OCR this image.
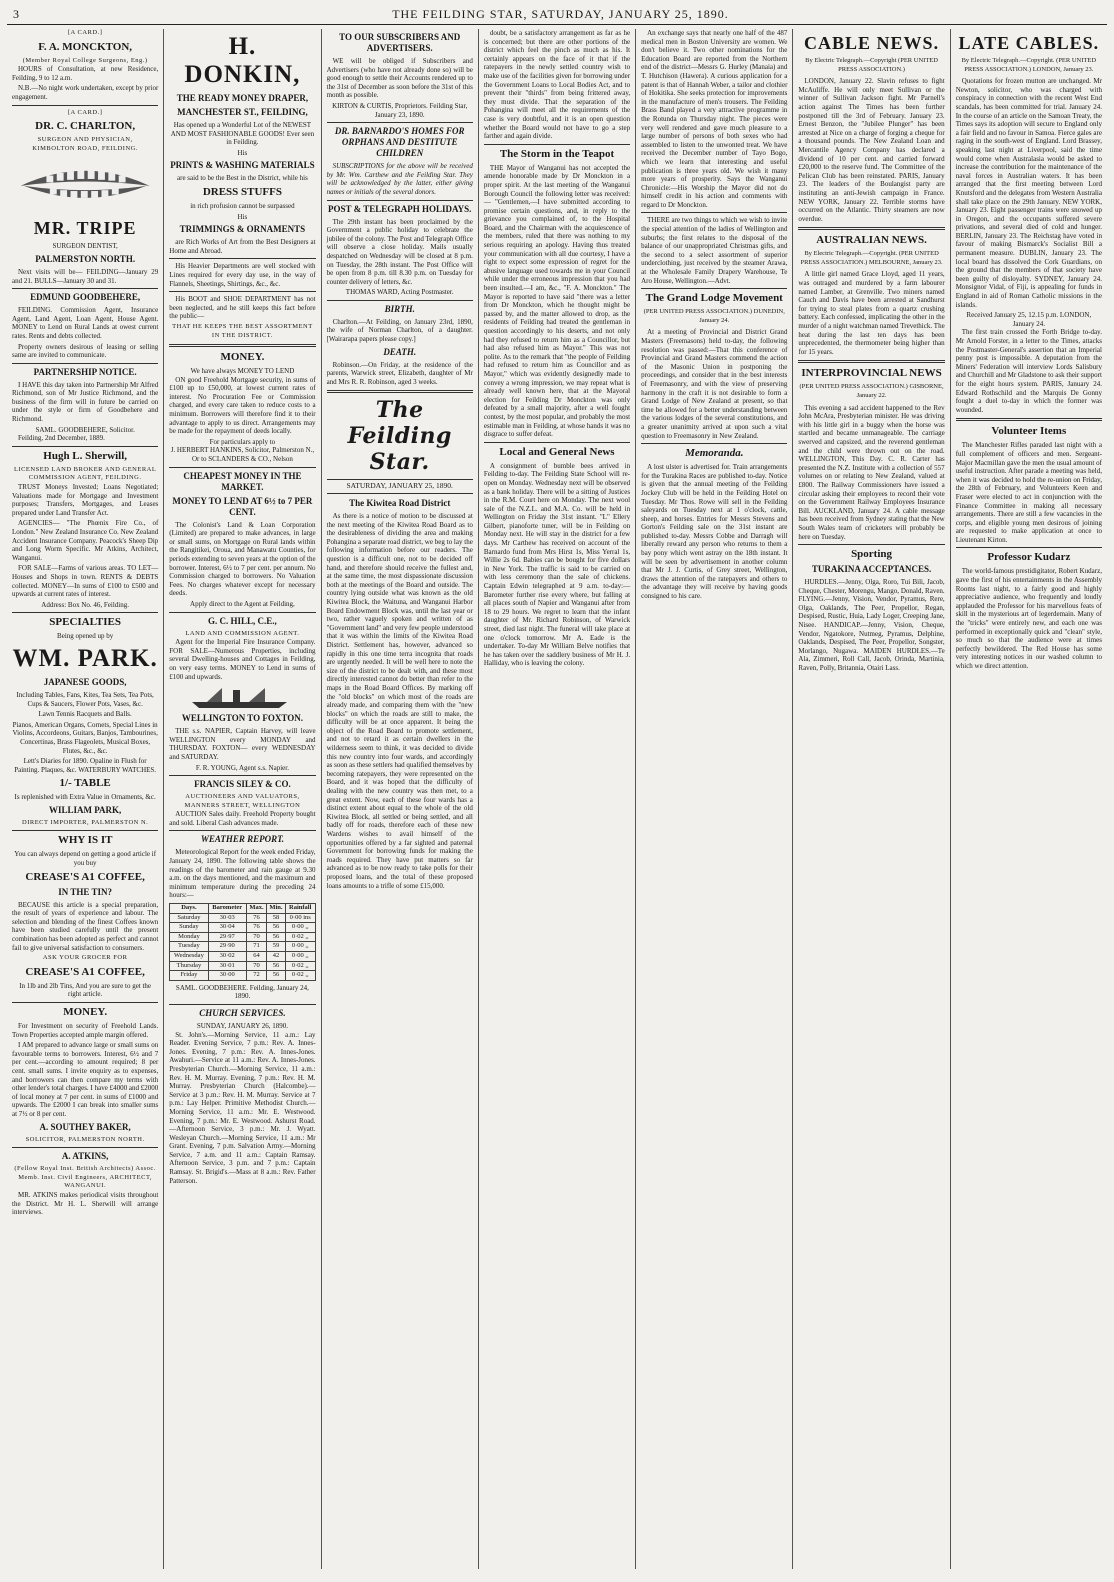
3	THE FEILDING STAR, SATURDAY, JANUARY 25, 1890.
[A CARD.]
F. A. MONCKTON,
(Member Royal College Surgeons, Eng.)

HOURS of Consultation, at new Residence, Feilding, 9 to 12 a.m.

N.B.—No night work undertaken, except by prior engagement.

[A CARD.]
DR. C. CHARLTON,
SURGEON AND PHYSICIAN,
KIMBOLTON ROAD, FEILDING.
MR. TRIPE
SURGEON DENTIST,
PALMERSTON NORTH.

Next visits will be— FEILDING—January 29 and 21. BULLS—January 30 and 31.

EDMUND GOODBEHERE,

FEILDING. Commission Agent, Insurance Agent, Land Agent, Loan Agent, House Agent. MONEY to Lend on Rural Lands at owest current rates. Rents and debts collected.

Property owners desirous of leasing or selling same are invited to communicate.

PARTNERSHIP NOTICE.

I HAVE this day taken into Partnership Mr Alfred Richmond, son of Mr Justice Richmond, and the business of the firm will in future be carried on under the style or firm of Goodbehere and Richmond.

SAML. GOODBEHERE, Solicitor.

Feilding, 2nd December, 1889.

Hugh L. Sherwill,
LICENSED LAND BROKER AND GENERAL COMMISSION AGENT, FEILDING.

TRUST Moneys Invested; Loans Negotiated; Valuations made for Mortgage and Investment purposes; Transfers, Mortgages, and Leases prepared under Land Transfer Act.

AGENCIES— "The Phœnix Fire Co., of London." New Zealand Insurance Co. New Zealand Accident Insurance Company. Peacock's Sheep Dip and Long Worm Specific. Mr Atkins, Architect, Wanganui.

FOR SALE—Farms of various areas. TO LET—Houses and Shops in town. RENTS & DEBTS collected. MONEY—In sums of £100 to £500 and upwards at current rates of interest.

Address: Box No. 46, Feilding.
SPECIALTIES
Being opened up by
WM. PARK.
JAPANESE GOODS,

Including Tables, Fans, Kites, Tea Sets, Tea Pots, Cups & Saucers, Flower Pots, Vases, &c.

Lawn Tennis Racquets and Balls.

Pianos, American Organs, Cornets, Special Lines in Violins, Accordeons, Guitars, Banjos, Tambourines, Concertinas, Brass Flageolets, Musical Boxes, Flutes, &c., &c.

Lett's Diaries for 1890. Opaline in Flush for Painting. Plaques, &c. WATERBURY WATCHES.

1/- TABLE

Is replenished with Extra Value in Ornaments, &c.

WILLIAM PARK,
DIRECT IMPORTER, PALMERSTON N.
WHY IS IT

You can always depend on getting a good article if you buy

CREASE'S A1 COFFEE,
IN THE TIN?

BECAUSE this article is a special preparation, the result of years of experience and labour. The selection and blending of the finest Coffees known have been studied carefully until the present combination has been adopted as perfect and cannot fail to give universal satisfaction to consumers.

ASK YOUR GROCER FOR
CREASE'S A1 COFFEE,

In 1lb and 2lb Tins, And you are sure to get the right article.

MONEY.

For Investment on security of Freehold Lands. Town Properties accepted ample margin offered.

I AM prepared to advance large or small sums on favourable terms to borrowers. Interest, 6½ and 7 per cent.—according to amount required; 8 per cent. small sums. I invite enquiry as to expenses, and borrowers can then compare my terms with other lender's total charges. I have £4000 and £2000 of local money at 7 per cent. in sums of £1000 and upwards. The £2000 I can break into smaller sums at 7½ or 8 per cent.

A. SOUTHEY BAKER,
SOLICITOR, PALMERSTON NORTH.
A. ATKINS,
(Fellow Royal Inst. British Architects) Assoc. Memb. Inst. Civil Engineers, ARCHITECT, WANGANUI.

MR. ATKINS makes periodical visits throughout the District. Mr H. L. Sherwill will arrange interviews.

H. DONKIN,
THE READY MONEY DRAPER,
MANCHESTER ST., FEILDING,

Has opened up a Wonderful Lot of the NEWEST AND MOST FASHIONABLE GOODS! Ever seen in Feilding.

His
PRINTS & WASHING MATERIALS

are said to be the Best in the District, while his

DRESS STUFFS

in rich profusion cannot be surpassed

His
TRIMMINGS & ORNAMENTS

are Rich Works of Art from the Best Designers at Home and Abroad.

His Heavier Departments are well stocked with Lines required for every day use, in the way of Flannels, Sheetings, Shirtings, &c., &c.

His BOOT and SHOE DEPARTMENT has not been neglected, and he still keeps this fact before the public—

THAT HE KEEPS THE BEST ASSORTMENT IN THE DISTRICT.
MONEY.
We have always MONEY TO LEND

ON good Freehold Mortgage security, in sums of £100 up to £50,000, at lowest current rates of interest. No Procuration Fee or Commission charged, and every care taken to reduce costs to a minimum. Borrowers will therefore find it to their advantage to apply to us direct. Arrangements may be made for the repayment of deeds locally.

For particulars apply to

J. HERBERT HANKINS, Solicitor, Palmerston N., Or to SCLANDERS & CO., Nelson

CHEAPEST MONEY IN THE MARKET.
MONEY TO LEND AT 6½ to 7 PER CENT.

The Colonist's Land & Loan Corporation (Limited) are prepared to make advances, in large or small sums, on Mortgage on Rural lands within the Rangitikei, Oroua, and Manawatu Counties, for periods extending to seven years at the option of the borrower. Interest, 6½ to 7 per cent. per annum. No Commission charged to borrowers. No Valuation Fees. No charges whatever except for necessary deeds.

Apply direct to the Agent at Feilding,
G. C. HILL, C.E.,
LAND AND COMMISSION AGENT.

Agent for the Imperial Fire Insurance Company. FOR SALE—Numerous Properties, including several Dwelling-houses and Cottages in Feilding, on very easy terms. MONEY to Lend in sums of £100 and upwards.

WELLINGTON TO FOXTON.

THE s.s. NAPIER, Captain Harvey, will leave WELLINGTON every MONDAY and THURSDAY. FOXTON— every WEDNESDAY and SATURDAY.

F. R. YOUNG, Agent s.s. Napier.
FRANCIS SILEY & CO.
AUCTIONEERS AND VALUATORS, MANNERS STREET, WELLINGTON

AUCTION Sales daily. Freehold Property bought and sold. Liberal Cash advances made.

WEATHER REPORT.

Meteorological Report for the week ended Friday, January 24, 1890. The following table shows the readings of the barometer and rain gauge at 9.30 a.m. on the days mentioned, and the maximum and minimum temperature during the preceding 24 hours:—

Days.	Barometer	Max.	Min.	Rainfall
Saturday	30·03	76	58	0·00 ins
Sunday	30·04	76	56	0·00 ,,
Monday	29·97	70	56	0·02 ,,
Tuesday	29·90	71	59	0·00 ,,
Wednesday	30·02	64	42	0·00 ,,
Thursday	30·01	70	56	0·02 ,,
Friday	30·00	72	56	0·02 ,,
SAML. GOODBEHERE. Feilding, January 24, 1890.
CHURCH SERVICES.
SUNDAY, JANUARY 26, 1890.

St. John's.—Morning Service, 11 a.m.: Lay Reader. Evening Service, 7 p.m.: Rev. A. Innes-Jones. Evening, 7 p.m.: Rev. A. Innes-Jones. Awahuri.—Service at 11 a.m.: Rev. A. Innes-Jones. Presbyterian Church.—Morning Service, 11 a.m.: Rev. H. M. Murray. Evening, 7 p.m.: Rev. H. M. Murray. Presbyterian Church (Halcombe).—Service at 3 p.m.: Rev. H. M. Murray. Service at 7 p.m.: Lay Helper. Primitive Methodist Church.—Morning Service, 11 a.m.: Mr. E. Westwood. Evening, 7 p.m.: Mr. E. Westwood. Ashurst Road.—Afternoon Service, 3 p.m.: Mr. J. Wyatt. Wesleyan Church.—Morning Service, 11 a.m.: Mr Grant. Evening, 7 p.m. Salvation Army.—Morning Service, 7 a.m. and 11 a.m.: Captain Ramsay. Afternoon Service, 3 p.m. and 7 p.m.: Captain Ramsay. St. Brigid's.—Mass at 8 a.m.: Rev. Father Patterson.

TO OUR SUBSCRIBERS AND ADVERTISERS.

WE will be obliged if Subscribers and Advertisers (who have not already done so) will be good enough to settle their Accounts rendered up to the 31st of December as soon before the 31st of this month as possible.

KIRTON & CURTIS, Proprietors. Feilding Star, January 23, 1890.
DR. BARNARDO'S HOMES FOR ORPHANS AND DESTITUTE CHILDREN

SUBSCRIPTIONS for the above will be received by Mr. Wm. Carthew and the Feilding Star. They will be acknowledged by the latter, either giving names or initials of the several donors.

POST & TELEGRAPH HOLIDAYS.

The 29th instant has been proclaimed by the Government a public holiday to celebrate the jubilee of the colony. The Post and Telegraph Office will observe a close holiday. Mails usually despatched on Wednesday will be closed at 8 p.m. on Tuesday, the 28th instant. The Post Office will be open from 8 p.m. till 8.30 p.m. on Tuesday for counter delivery of letters, &c.

THOMAS WARD, Acting Postmaster.
BIRTH.

Charlton.—At Feilding, on January 23rd, 1890, the wife of Norman Charlton, of a daughter. [Wairarapa papers please copy.]

DEATH.

Robinson.—On Friday, at the residence of the parents, Warwick street, Elizabeth, daughter of Mr and Mrs R. R. Robinson, aged 3 weeks.

The Feilding Star.
SATURDAY, JANUARY 25, 1890.
The Kiwitea Road District

As there is a notice of motion to be discussed at the next meeting of the Kiwitea Road Board as to the desirableness of dividing the area and making Pohangina a separate road district, we beg to lay the following information before our readers. The question is a difficult one, not to be decided off hand, and therefore should receive the fullest and, at the same time, the most dispassionate discussion both at the meetings of the Board and outside. The country lying outside what was known as the old Kiwitea Block, the Waituna, and Wanganui Harbor Board Endowment Block was, until the last year or two, rather vaguely spoken and written of as "Government land" and very few people understood that it was within the limits of the Kiwitea Road District. Settlement has, however, advanced so rapidly in this one time terra incognita that roads are urgently needed. It will be well here to note the size of the district to be dealt with, and these most directly interested cannot do better than refer to the maps in the Road Board Offices. By marking off the "old blocks" on which most of the roads are already made, and comparing them with the "new blocks" on which the roads are still to make, the difficulty will be at once apparent. It being the object of the Road Board to promote settlement, and not to retard it as certain dwellers in the wilderness seem to think, it was decided to divide this new country into four wards, and accordingly as soon as these settlers had qualified themselves by becoming ratepayers, they were represented on the Board, and it was hoped that the difficulty of dealing with the new country was then met, to a great extent. Now, each of these four wards has a distinct extent about equal to the whole of the old Kiwitea Block, all settled or being settled, and all badly off for roads, therefore each of these new Wardens wishes to avail himself of the opportunities offered by a far sighted and paternal Government for borrowing funds for making the roads required. They have put matters so far advanced as to be now ready to take polls for their proposed loans, and the total of these proposed loans amounts to a trifle of some £15,000.

doubt, be a satisfactory arrangement as far as he is concerned; but there are other portions of the district which feel the pinch as much as his. It certainly appears on the face of it that if the ratepayers in the newly settled country wish to make use of the facilities given for borrowing under the Government Loans to Local Bodies Act, and to prevent their "thirds" from being frittered away, they must divide. That the separation of the Pohangina will meet all the requirements of the case is very doubtful, and it is an open question whether the Board would not have to go a step farther and again divide.

The Storm in the Teapot

THE Mayor of Wanganui has not accepted the amende honorable made by Dr Monckton in a proper spirit. At the last meeting of the Wanganui Borough Council the following letter was received:— "Gentlemen,—I have submitted according to promise certain questions, and, in reply to the grievance you complained of, to the Hospital Board, and the Chairman with the acquiescence of the members, ruled that there was nothing to my serious requiring an apology. Having thus treated your communication with all due courtesy, I have a right to expect some expression of regret for the abusive language used towards me in your Council while under the erroneous impression that you had been insulted.—I am, &c., "F. A. Monckton." The Mayor is reported to have said "there was a letter from Dr Monckton, which he thought might be passed by, and the matter allowed to drop, as the residents of Feilding had treated the gentleman in question accordingly to his deserts, and not only had they refused to return him as a Councillor, but had also refused him as Mayor." This was not polite. As to the remark that "the people of Feilding had refused to return him as Councillor and as Mayor," which was evidently designedly made to convey a wrong impression, we may repeat what is already well known here, that at the Mayoral election for Feilding Dr Monckton was only defeated by a small majority, after a well fought contest, by the most popular, and probably the most estimable man in Feilding, at whose hands it was no disgrace to suffer defeat.

Local and General News

A consignment of bumble bees arrived in Feilding to-day. The Feilding State School will re-open on Monday. Wednesday next will be observed as a bank holiday. There will be a sitting of Justices in the R.M. Court here on Monday. The next wool sale of the N.Z.L. and M.A. Co. will be held in Wellington on Friday the 31st instant. "L" Ellery Gilbert, pianoforte tuner, will be in Feilding on Monday next. He will stay in the district for a few days. Mr Carthew has received on account of the Barnardo fund from Mrs Hirst 1s, Miss Yerral 1s, Willie 2s 6d. Babies can be bought for five dollars in New York. The traffic is said to be carried on with less ceremony than the sale of chickens. Captain Edwin telegraphed at 9 a.m. to-day:—Barometer further rise every where, but falling at all places south of Napier and Wanganui after from 18 to 29 hours. We regret to learn that the infant daughter of Mr. Richard Robinson, of Warwick street, died last night. The funeral will take place at one o'clock tomorrow. Mr A. Eade is the undertaker. To-day Mr William Belve notifies that he has taken over the saddlery business of Mr H. J. Halliday, who is leaving the colony.

An exchange says that nearly one half of the 487 medical men in Boston University are women. We don't believe it. Two other nominations for the Education Board are reported from the Northern end of the district—Messrs G. Hurley (Manaia) and T. Hutchison (Hawera). A curious application for a patent is that of Hannah Weber, a tailor and clothier of Hokitika. She seeks protection for improvements in the manufacture of men's trousers. The Feilding Brass Band played a very attractive programme in the Rotunda on Thursday night. The pieces were very well rendered and gave much pleasure to a large number of persons of both sexes who had assembled to listen to the unwonted treat. We have received the December number of Tayo Bogo, which we learn that interesting and useful publication is three years old. We wish it many more years of prosperity. Says the Wanganui Chronicle:—His Worship the Mayor did not do himself credit in his action and comments with regard to Dr Monckton.

THERE are two things to which we wish to invite the special attention of the ladies of Wellington and suburbs; the first relates to the disposal of the balance of our unappropriated Christmas gifts, and the second to a select assortment of superior underclothing, just received by the steamer Arawa, at the Wholesale Family Drapery Warehouse, Te Aro House, Wellington.—Advt.

The Grand Lodge Movement
(PER UNITED PRESS ASSOCIATION.) DUNEDIN, January 24.

At a meeting of Provincial and District Grand Masters (Freemasons) held to-day, the following resolution was passed:—That this conference of Provincial and Grand Masters commend the action of the Masonic Union in postponing the proceedings, and consider that in the best interests of Freemasonry, and with the view of preserving harmony in the craft it is not desirable to form a Grand Lodge of New Zealand at present, so that time be allowed for a better understanding between the various lodges of the several constitutions, and a greater unanimity arrived at upon such a vital question to Freemasonry in New Zealand.

Memoranda.

A lost ulster is advertised for. Train arrangements for the Turakina Races are published to-day. Notice is given that the annual meeting of the Feilding Jockey Club will be held in the Feilding Hotel on Tuesday. Mr Thos. Rowe will sell in the Feilding saleyards on Tuesday next at 1 o'clock, cattle, sheep, and horses. Entries for Messrs Stevens and Gorton's Feilding sale on the 31st instant are published to-day. Messrs Cobbe and Darragh will liberally reward any person who returns to them a bay pony which went astray on the 18th instant. It will be seen by advertisement in another column that Mr J. J. Curtis, of Grey street, Wellington, draws the attention of the ratepayers and others to the advantage they will receive by having goods consigned to his care.

CABLE NEWS.
By Electric Telegraph.—Copyright (PER UNITED PRESS ASSOCIATION.)

LONDON, January 22. Slavin refuses to fight McAuliffe. He will only meet Sullivan or the winner of Sullivan Jackson fight. Mr Parnell's action against The Times has been further postponed till the 3rd of February. January 23. Ernest Benzon, the "Jubilee Plunger" has been arrested at Nice on a charge of forging a cheque for a thousand pounds. The New Zealand Loan and Mercantile Agency Company has declared a dividend of 10 per cent. and carried forward £20,000 to the reserve fund. The Committee of the Pelican Club has been reinstated. PARIS, January 23. The leaders of the Boulangist party are instituting an anti-Jewish campaign in France. NEW YORK, January 22. Terrible storms have occurred on the Atlantic. Thirty steamers are now overdue.

AUSTRALIAN NEWS.
By Electric Telegraph.—Copyright. (PER UNITED PRESS ASSOCIATION.) MELBOURNE, January 23.

A little girl named Grace Lloyd, aged 11 years, was outraged and murdered by a farm labourer named Lamber, at Grenville. Two miners named Cauch and Davis have been arrested at Sandhurst for trying to steal plates from a quartz crushing battery. Each confessed, implicating the other in the murder of a night watchman named Trevethick. The heat during the last ten days has been unprecedented, the thermometer being higher than for 15 years.

INTERPROVINCIAL NEWS
(PER UNITED PRESS ASSOCIATION.) GISBORNE, January 22.

This evening a sad accident happened to the Rev John McAra, Presbyterian minister. He was driving with his little girl in a buggy when the horse was startled and became unmanageable. The carriage swerved and capsized, and the reverend gentleman and the child were thrown out on the road. WELLINGTON, This Day. C. R. Carter has presented the N.Z. Institute with a collection of 557 volumes on or relating to New Zealand, valued at £800. The Railway Commissioners have issued a circular asking their employees to record their vote on the Government Railway Employees Insurance Bill. AUCKLAND, January 24. A cable message has been received from Sydney stating that the New South Wales team of cricketers will probably be here on Tuesday.

Sporting
TURAKINA ACCEPTANCES.

HURDLES.—Jenny, Olga, Roro, Tui Bili, Jacob, Cheque, Chester, Morengu, Mango, Donald, Raven. FLYING.—Jenny, Vision, Vendor, Pyramus, Rere, Olga, Oaklands, The Peer, Propellor, Regan, Despised, Rustic, Huia, Lady Loger, Creeping Jane, Nisee. HANDICAP.—Jenny, Vision, Cheque, Vendor, Ngatokore, Nutmeg, Pyramus, Delphine, Oaklands, Despised, The Peer, Propellor, Songster, Morlango, Nugawa. MAIDEN HURDLES.—Te Ala, Zimmeri, Roll Call, Jacob, Orinda, Martinia, Raven, Polly, Britannia, Otairi Lass.

LATE CABLES.
By Electric Telegraph.—Copyright. (PER UNITED PRESS ASSOCIATION.) LONDON, January 23.

Quotations for frozen mutton are unchanged. Mr Newton, solicitor, who was charged with conspiracy in connection with the recent West End scandals, has been committed for trial. January 24. In the course of an article on the Samoan Treaty, the Times says its adoption will secure to England only a fair field and no favour in Samoa. Fierce gales are raging in the south-west of England. Lord Brassey, speaking last night at Liverpool, said the time would come when Australasia would be asked to increase the contribution for the maintenance of the naval forces in Australian waters. It has been arranged that the first meeting between Lord Knutsford and the delegates from Western Australia shall take place on the 29th January. NEW YORK, January 23. Eight passenger trains were snowed up in Oregon, and the occupants suffered severe privations, and several died of cold and hunger. BERLIN, January 23. The Reichstag have voted in favour of making Bismarck's Socialist Bill a permanent measure. DUBLIN, January 23. The local board has dissolved the Cork Guardians, on the ground that the members of that society have been guilty of disloyalty. SYDNEY, January 24. Monsignor Vidal, of Fiji, is appealing for funds in England in aid of Roman Catholic missions in the islands.

Received January 25, 12.15 p.m. LONDON, January 24.

The first train crossed the Forth Bridge to-day. Mr Arnold Forster, in a letter to the Times, attacks the Postmaster-General's assertion that an Imperial penny post is impossible. A deputation from the Miners' Federation will interview Lords Salisbury and Churchill and Mr Gladstone to ask their support for the eight hours system. PARIS, January 24. Edward Rothschild and the Marquis De Gonny fought a duel to-day in which the former was wounded.

Volunteer Items

The Manchester Rifles paraded last night with a full complement of officers and men. Sergeant-Major Macmillan gave the men the usual amount of useful instruction. After parade a meeting was held, when it was decided to hold the re-union on Friday, the 28th of February, and Volunteers Keen and Fraser were elected to act in conjunction with the Finance Committee in making all necessary arrangements. There are still a few vacancies in the corps, and eligible young men desirous of joining are requested to make application at once to Lieutenant Kirton.

Professor Kudarz

The world-famous prestidigitator, Robert Kudarz, gave the first of his entertainments in the Assembly Rooms last night, to a fairly good and highly appreciative audience, who frequently and loudly applauded the Professor for his marvellous feats of skill in the mysterious art of legerdemain. Many of the "tricks" were entirely new, and each one was performed in exceptionally quick and "clean" style, so much so that the audience were at times perfectly bewildered. The Red House has some very interesting notices in our washed column to which we direct attention.
